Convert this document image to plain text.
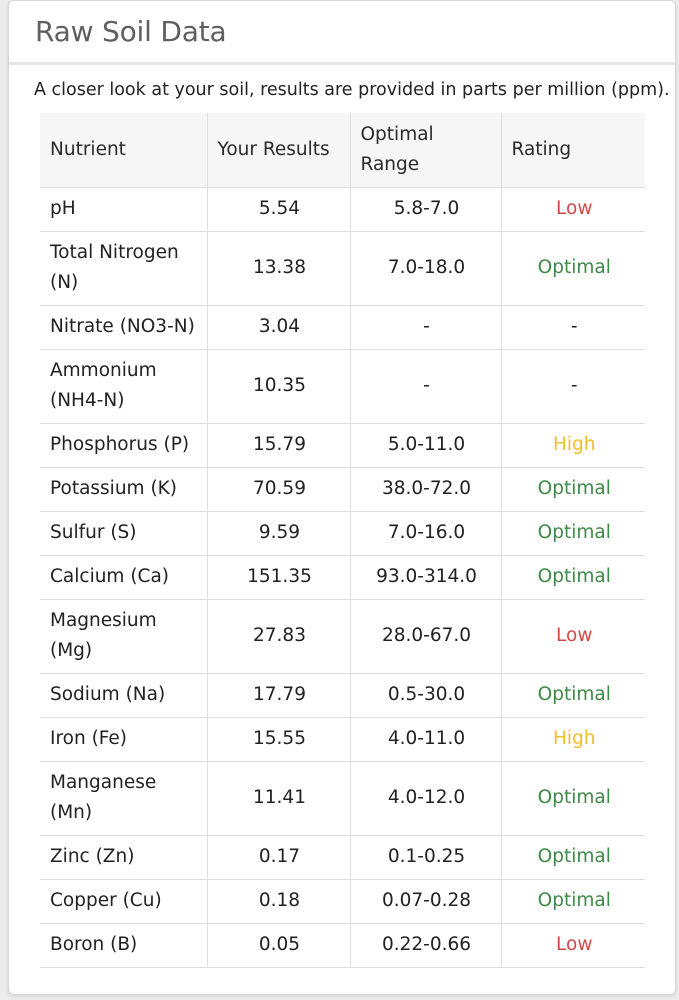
Raw Soil Data

A closer look at your soil, results are provided in parts per million (ppm).

Nutrient	Your Results	Optimal Range	Rating
pH	5.54	5.8-7.0	Low
Total Nitrogen (N)	13.38	7.0-18.0	Optimal
Nitrate (NO3-N)	3.04	-	-
Ammonium (NH4-N)	10.35	-	-
Phosphorus (P)	15.79	5.0-11.0	High
Potassium (K)	70.59	38.0-72.0	Optimal
Sulfur (S)	9.59	7.0-16.0	Optimal
Calcium (Ca)	151.35	93.0-314.0	Optimal
Magnesium (Mg)	27.83	28.0-67.0	Low
Sodium (Na)	17.79	0.5-30.0	Optimal
Iron (Fe)	15.55	4.0-11.0	High
Manganese (Mn)	11.41	4.0-12.0	Optimal
Zinc (Zn)	0.17	0.1-0.25	Optimal
Copper (Cu)	0.18	0.07-0.28	Optimal
Boron (B)	0.05	0.22-0.66	Low
